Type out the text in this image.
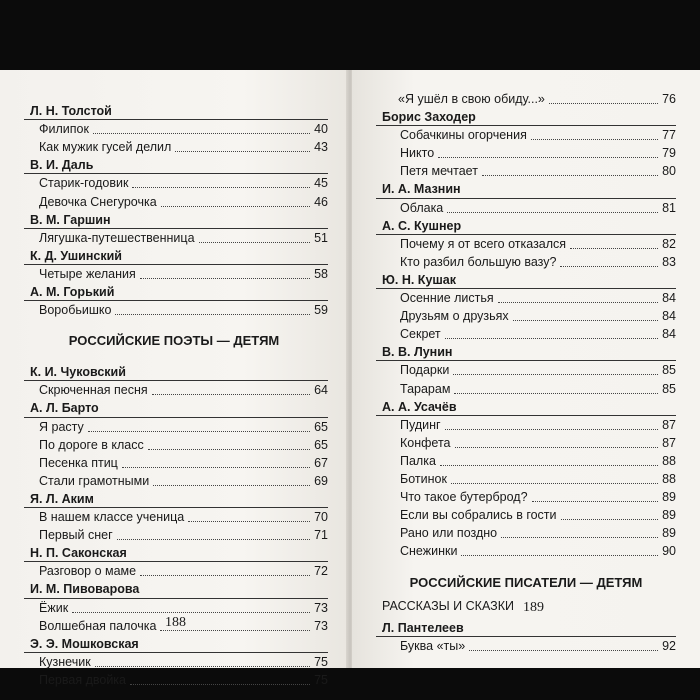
Л. Н. Толстой
Филипок	40
Как мужик гусей делил	43
В. И. Даль
Старик-годовик	45
Девочка Снегурочка	46
В. М. Гаршин
Лягушка-путешественница	51
К. Д. Ушинский
Четыре желания	58
А. М. Горький
Воробьишко	59
РОССИЙСКИЕ ПОЭТЫ — ДЕТЯМ
К. И. Чуковский
Скрюченная песня	64
А. Л. Барто
Я расту	65
По дороге в класс	65
Песенка птиц	67
Стали грамотными	69
Я. Л. Аким
В нашем классе ученица	70
Первый снег	71
Н. П. Саконская
Разговор о маме	72
И. М. Пивоварова
Ёжик	73
Волшебная палочка	73
Э. Э. Мошковская
Кузнечик	75
Первая двойка	75
188
«Я ушёл в свою обиду...»	76
Борис Заходер
Собачкины огорчения	77
Никто	79
Петя мечтает	80
И. А. Мазнин
Облака	81
А. С. Кушнер
Почему я от всего отказался	82
Кто разбил большую вазу?	83
Ю. Н. Кушак
Осенние листья	84
Друзьям о друзьях	84
Секрет	84
В. В. Лунин
Подарки	85
Тарарам	85
А. А. Усачёв
Пудинг	87
Конфета	87
Палка	88
Ботинок	88
Что такое бутерброд?	89
Если вы собрались в гости	89
Рано или поздно	89
Снежинки	90
РОССИЙСКИЕ ПИСАТЕЛИ — ДЕТЯМ
РАССКАЗЫ И СКАЗКИ
Л. Пантелеев
Буква «ты»	92
189
